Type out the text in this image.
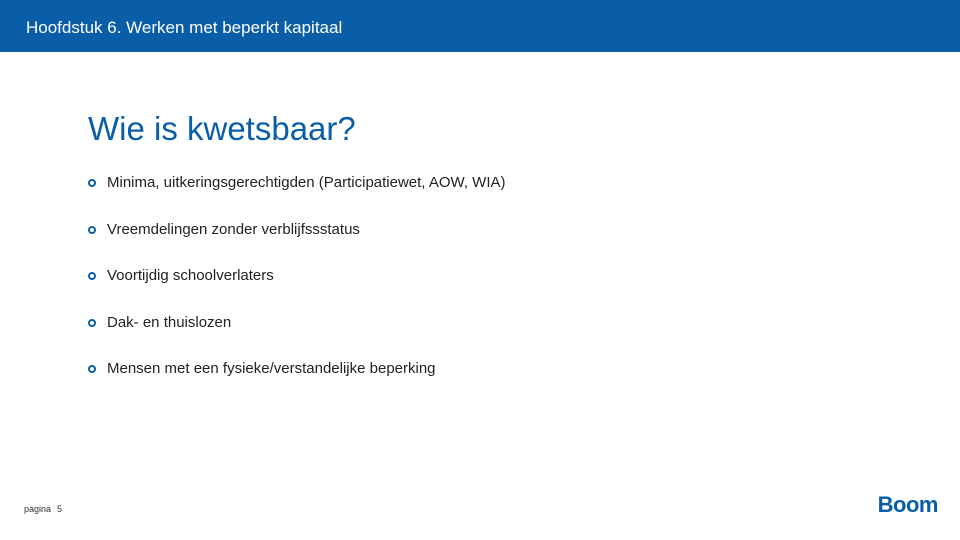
Hoofdstuk 6. Werken met beperkt kapitaal
Wie is kwetsbaar?
Minima, uitkeringsgerechtigden (Participatiewet, AOW, WIA)
Vreemdelingen zonder verblijfssstatus
Voortijdig schoolverlaters
Dak- en thuislozen
Mensen met een fysieke/verstandelijke beperking
pagina 5	Boom
